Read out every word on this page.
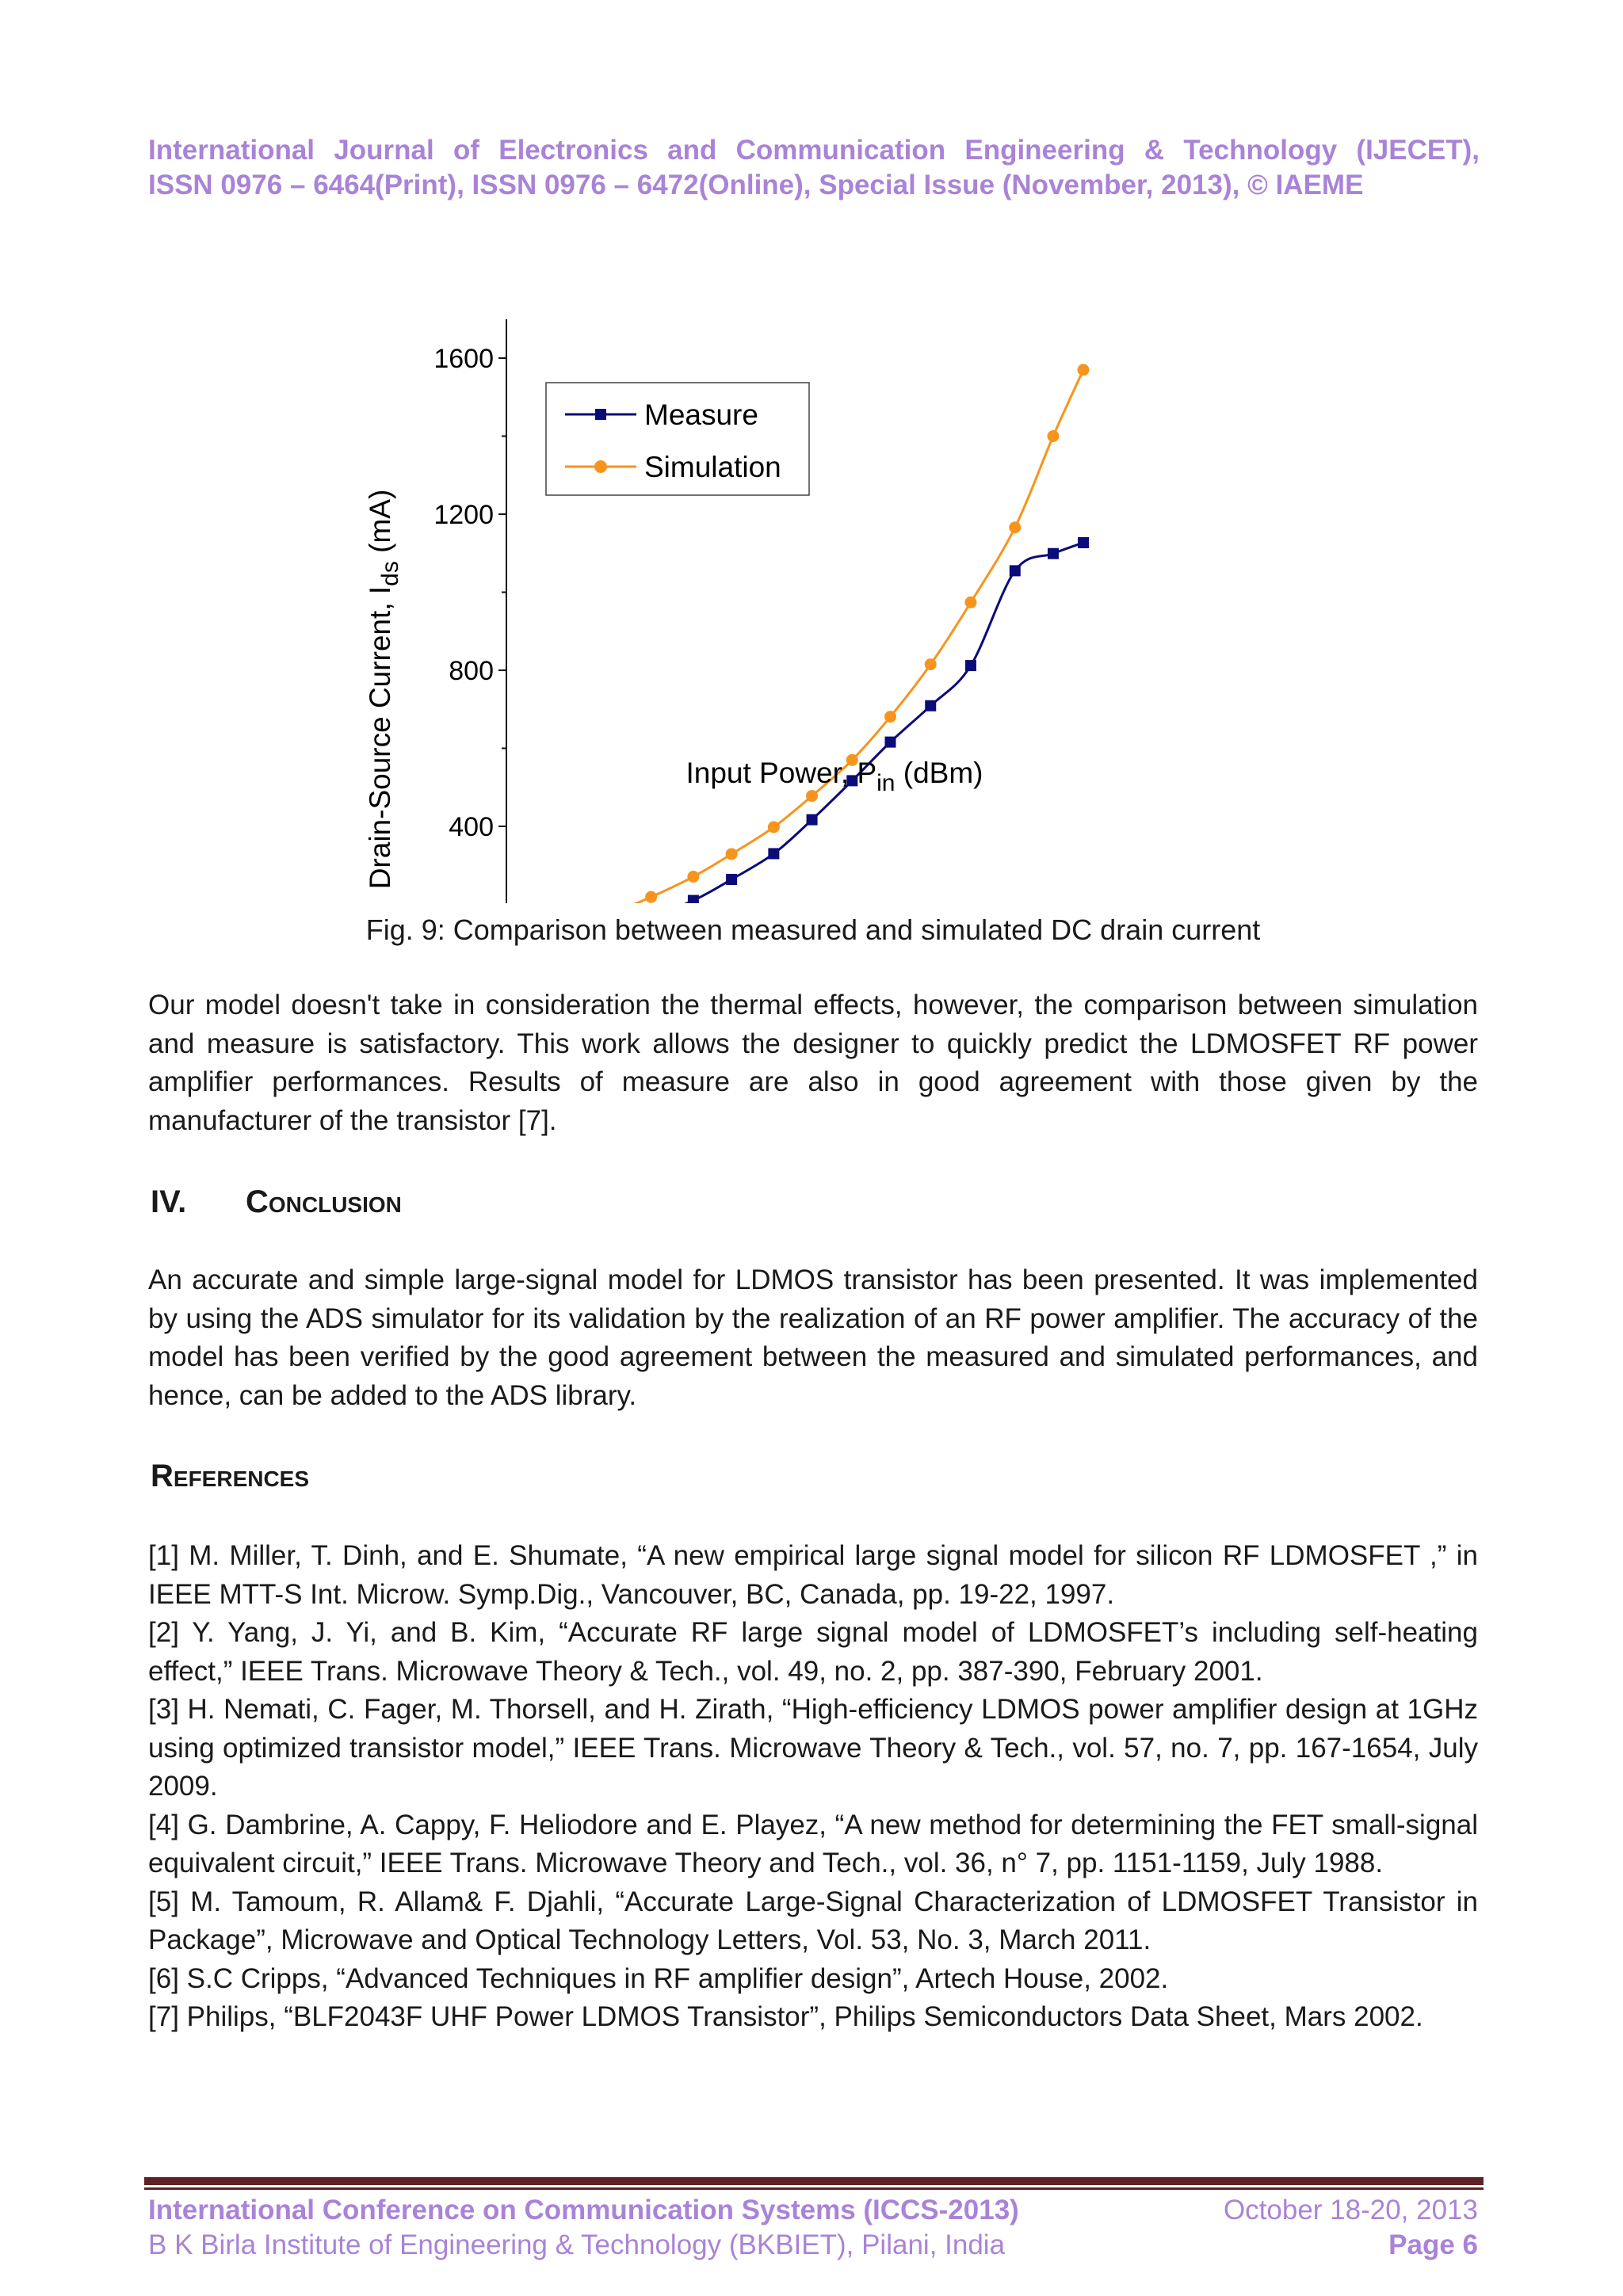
International Journal of Electronics and Communication Engineering & Technology (IJECET),
ISSN 0976 – 6464(Print), ISSN 0976 – 6472(Online), Special Issue (November, 2013), © IAEME
400
800
1200
1600
Measure
Simulation
Input Power, $P_{in}$ (dBm)
Drain-Source Current, $I_{ds}$ (mA)
Fig. 9: Comparison between measured and simulated DC drain current
Our model doesn't take in consideration the thermal effects, however, the comparison between simulation and measure is satisfactory. This work allows the designer to quickly predict the LDMOSFET RF power amplifier performances. Results of measure are also in good agreement with those given by the manufacturer of the transistor [7].
IV. Conclusion
An accurate and simple large-signal model for LDMOS transistor has been presented. It was implemented by using the ADS simulator for its validation by the realization of an RF power amplifier. The accuracy of the model has been verified by the good agreement between the measured and simulated performances, and hence, can be added to the ADS library.
References

[1] M. Miller, T. Dinh, and E. Shumate, “A new empirical large signal model for silicon RF LDMOSFET ,” in IEEE MTT-S Int. Microw. Symp.Dig., Vancouver, BC, Canada, pp. 19-22, 1997.

[2] Y. Yang, J. Yi, and B. Kim, “Accurate RF large signal model of LDMOSFET’s including self-heating effect,” IEEE Trans. Microwave Theory & Tech., vol. 49, no. 2, pp. 387-390, February 2001.

[3] H. Nemati, C. Fager, M. Thorsell, and H. Zirath, “High-efficiency LDMOS power amplifier design at 1GHz using optimized transistor model,” IEEE Trans. Microwave Theory & Tech., vol. 57, no. 7, pp. 167-1654, July 2009.

[4] G. Dambrine, A. Cappy, F. Heliodore and E. Playez, “A new method for determining the FET small-signal equivalent circuit,” IEEE Trans. Microwave Theory and Tech., vol. 36, n° 7, pp. 1151-1159, July 1988.

[5] M. Tamoum, R. Allam& F. Djahli, “Accurate Large-Signal Characterization of LDMOSFET Transistor in Package”, Microwave and Optical Technology Letters, Vol. 53, No. 3, March 2011.

[6] S.C Cripps, “Advanced Techniques in RF amplifier design”, Artech House, 2002.

[7] Philips, “BLF2043F UHF Power LDMOS Transistor”, Philips Semiconductors Data Sheet, Mars 2002.

International Conference on Communication Systems (ICCS-2013)	October 18-20, 2013
B K Birla Institute of Engineering & Technology (BKBIET), Pilani, India	Page 6
